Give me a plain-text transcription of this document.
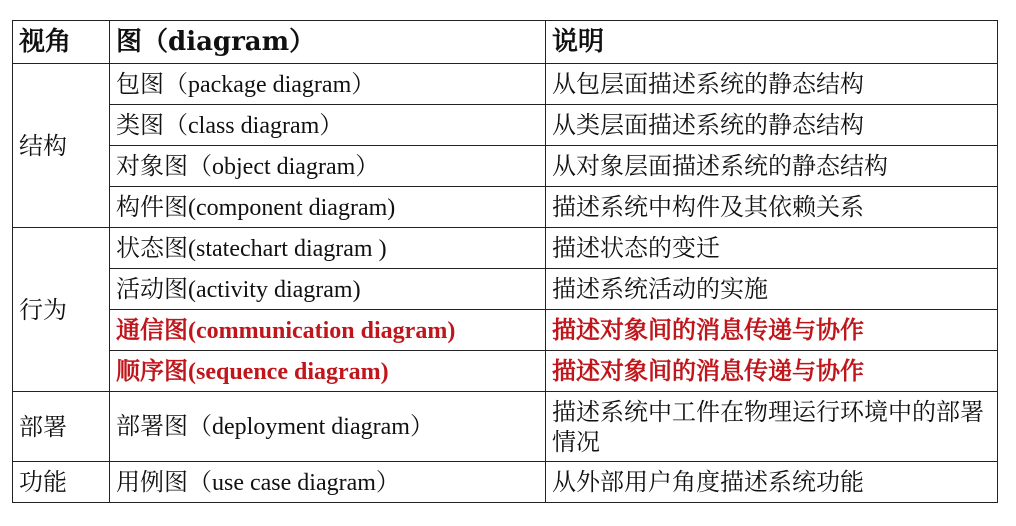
视角	图（diagram）	说明
结构	包图（package diagram）	从包层面描述系统的静态结构
	类图（class diagram）	从类层面描述系统的静态结构
	对象图（object diagram）	从对象层面描述系统的静态结构
	构件图(component diagram)	描述系统中构件及其依赖关系
行为	状态图(statechart diagram )	描述状态的变迁
	活动图(activity diagram)	描述系统活动的实施
	通信图(communication diagram)	描述对象间的消息传递与协作
	顺序图(sequence diagram)	描述对象间的消息传递与协作
部署	部署图（deployment diagram）	描述系统中工件在物理运行环境中的部署情况
功能	用例图（use case diagram）	从外部用户角度描述系统功能
